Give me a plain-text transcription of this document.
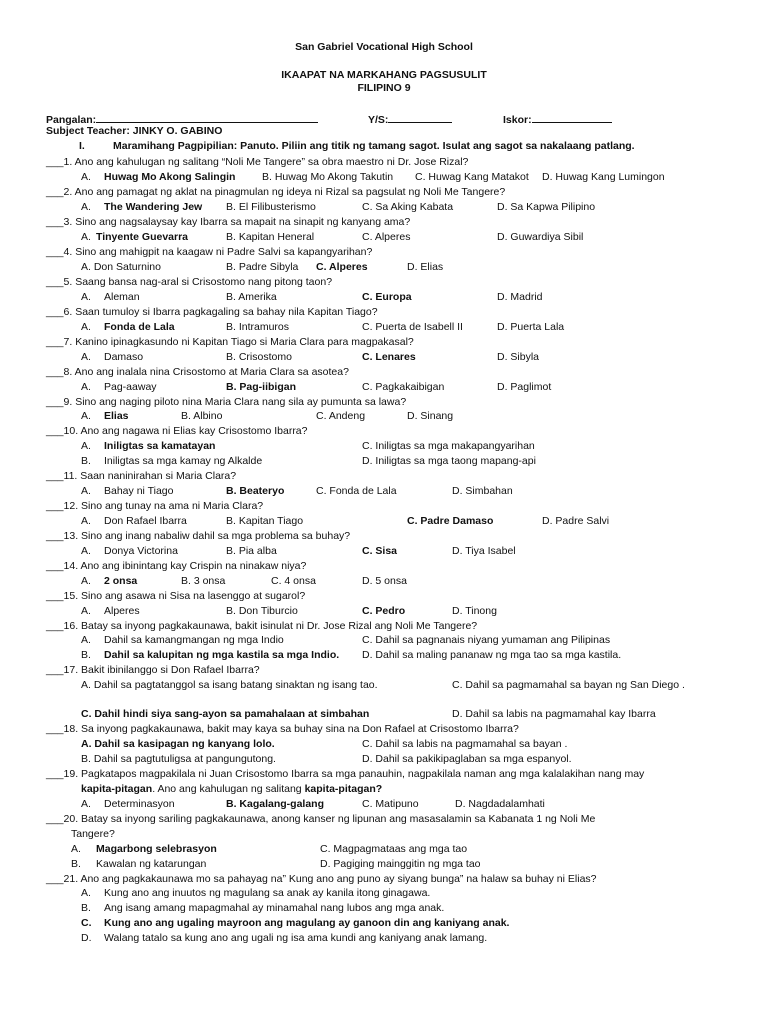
San Gabriel Vocational High School
IKAAPAT NA MARKAHANG PAGSUSULIT
FILIPINO 9
Pangalan:	Y/S:	Iskor:
Subject Teacher: JINKY O. GABINO
I.	Maramihang Pagpipilian: Panuto. Piliin ang titik ng tamang sagot. Isulat ang sagot sa nakalaang patlang.
___1. Ano ang kahulugan ng salitang “Noli Me Tangere” sa obra maestro ni Dr. Jose Rizal?
A. Huwag Mo Akong Salingin	B. Huwag Mo Akong Takutin C. Huwag Kang Matakot D. Huwag Kang Lumingon
___2. Ano ang pamagat ng aklat na pinagmulan ng ideya ni Rizal sa pagsulat ng Noli Me Tangere?
A. The Wandering Jew B. El Filibusterismo	C. Sa Aking Kabata	D. Sa Kapwa Pilipino
___3. Sino ang nagsalaysay kay Ibarra sa mapait na sinapit ng kanyang ama?
A. Tinyente Guevarra	B. Kapitan Heneral	C. Alperes	D. Guwardiya Sibil
___4. Sino ang mahigpit na kaagaw ni Padre Salvi sa kapangyarihan?
A. Don Saturnino	B. Padre Sibyla C. Alperes	D. Elias
___5. Saang bansa nag-aral si Crisostomo nang pitong taon?
A. Aleman	B. Amerika	C. Europa	D. Madrid
___6. Saan tumuloy si Ibarra pagkagaling sa bahay nila Kapitan Tiago?
A. Fonda de Lala	B. Intramuros	C. Puerta de Isabell II	D. Puerta Lala
___7. Kanino ipinagkasundo ni Kapitan Tiago si Maria Clara para magpakasal?
A. Damaso	B. Crisostomo	C. Lenares	D. Sibyla
___8. Ano ang inalala nina Crisostomo at Maria Clara sa asotea?
A. Pag-aaway	B. Pag-iibigan	C. Pagkakaibigan	D. Paglimot
___9. Sino ang naging piloto nina Maria Clara nang sila ay pumunta sa lawa?
A. Elias	B. Albino	C. Andeng	D. Sinang
___10. Ano ang nagawa ni Elias kay Crisostomo Ibarra?
A. Iniligtas sa kamatayan	C. Iniligtas sa mga makapangyarihan
B. Iniligtas sa mga kamay ng Alkalde	D. Iniligtas sa mga taong mapang-api
___11. Saan naninirahan si Maria Clara?
A. Bahay ni Tiago	B. Beateryo	C. Fonda de Lala	D. Simbahan
___12. Sino ang tunay na ama ni Maria Clara?
A. Don Rafael Ibarra	B. Kapitan Tiago	C. Padre Damaso	D. Padre Salvi
___13. Sino ang inang nabaliw dahil sa mga problema sa buhay?
A. Donya Victorina	B. Pia alba	C. Sisa	D. Tiya Isabel
___14. Ano ang ibinintang kay Crispin na ninakaw niya?
A. 2 onsa	B. 3 onsa	C. 4 onsa	D. 5 onsa
___15. Sino ang asawa ni Sisa na lasenggo at sugarol?
A. Alperes	B. Don Tiburcio	C. Pedro	D. Tinong
___16. Batay sa inyong pagkakaunawa, bakit isinulat ni Dr. Jose Rizal ang Noli Me Tangere?
A. Dahil sa kamangmangan ng mga Indio	C. Dahil sa pagnanais niyang yumaman ang Pilipinas
B. Dahil sa kalupitan ng mga kastila sa mga Indio. D. Dahil sa maling pananaw ng mga tao sa mga kastila.
___17. Bakit ibinilanggo si Don Rafael Ibarra?
A. Dahil sa pagtatanggol sa isang batang sinaktan ng isang tao.	C. Dahil sa pagmamahal sa bayan ng San Diego .
C. Dahil hindi siya sang-ayon sa pamahalaan at simbahan	D. Dahil sa labis na pagmamahal kay Ibarra
___18. Sa inyong pagkakaunawa, bakit may kaya sa buhay sina na Don Rafael at Crisostomo Ibarra?
A. Dahil sa kasipagan ng kanyang lolo.	C. Dahil sa labis na pagmamahal sa bayan .
B. Dahil sa pagtutuligsa at pangungutong.	D. Dahil sa pakikipaglaban sa mga espanyol.
___19. Pagkatapos magpakilala ni Juan Crisostomo Ibarra sa mga panauhin, nagpakilala naman ang mga kalalakihan nang may
kapita-pitagan. Ano ang kahulugan ng salitang kapita-pitagan?
A. Determinasyon	B. Kagalang-galang	C. Matipuno	D. Nagdadalamhati
___20. Batay sa inyong sariling pagkakaunawa, anong kanser ng lipunan ang masasalamin sa Kabanata 1 ng Noli Me
Tangere?
A. Magarbong selebrasyon	C. Magpagmataas ang mga tao
B. Kawalan ng katarungan	D. Pagiging mainggitin ng mga tao
___21. Ano ang pagkakaunawa mo sa pahayag na” Kung ano ang puno ay siyang bunga” na halaw sa buhay ni Elias?
A. Kung ano ang inuutos ng magulang sa anak ay kanila itong ginagawa.
B. Ang isang amang mapagmahal ay minamahal nang lubos ang mga anak.
C. Kung ano ang ugaling mayroon ang magulang ay ganoon din ang kaniyang anak.
D. Walang tatalo sa kung ano ang ugali ng isa ama kundi ang kaniyang anak lamang.
